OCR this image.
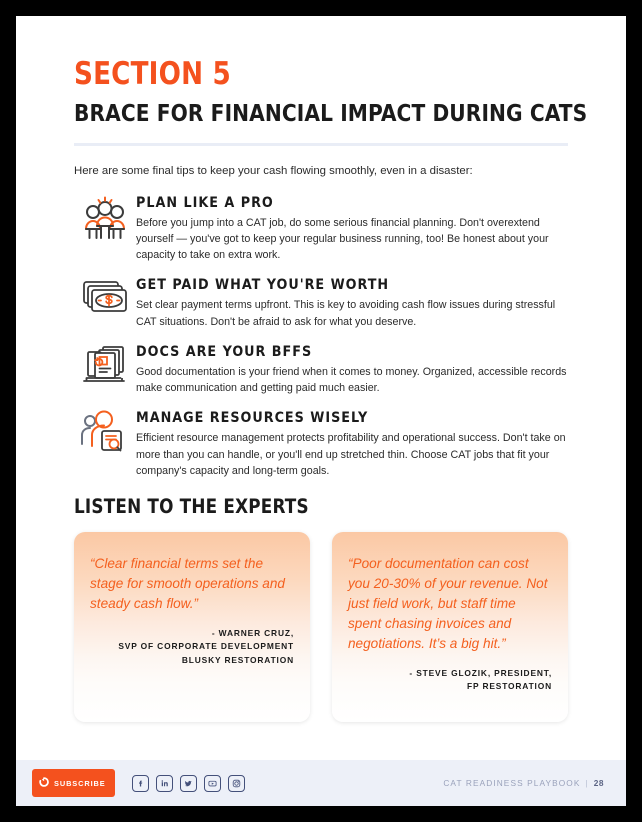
SECTION 5
BRACE FOR FINANCIAL IMPACT DURING CATS
Here are some final tips to keep your cash flowing smoothly, even in a disaster:
PLAN LIKE A PRO
Before you jump into a CAT job, do some serious financial planning. Don't overextend yourself — you've got to keep your regular business running, too! Be honest about your capacity to take on extra work.
GET PAID WHAT YOU'RE WORTH
Set clear payment terms upfront. This is key to avoiding cash flow issues during stressful CAT situations. Don't be afraid to ask for what you deserve.
DOCS ARE YOUR BFFS
Good documentation is your friend when it comes to money. Organized, accessible records make communication and getting paid much easier.
MANAGE RESOURCES WISELY
Efficient resource management protects profitability and operational success. Don't take on more than you can handle, or you'll end up stretched thin. Choose CAT jobs that fit your company's capacity and long-term goals.
LISTEN TO THE EXPERTS
“Clear financial terms set the stage for smooth operations and steady cash flow.”
- WARNER CRUZ,
SVP OF CORPORATE DEVELOPMENT
BLUSKY RESTORATION
“Poor documentation can cost you 20-30% of your revenue. Not just field work, but staff time spent chasing invoices and negotiations. It’s a big hit.”
- STEVE GLOZIK, PRESIDENT,
FP RESTORATION
SUBSCRIBE	CAT READINESS PLAYBOOK | 28
